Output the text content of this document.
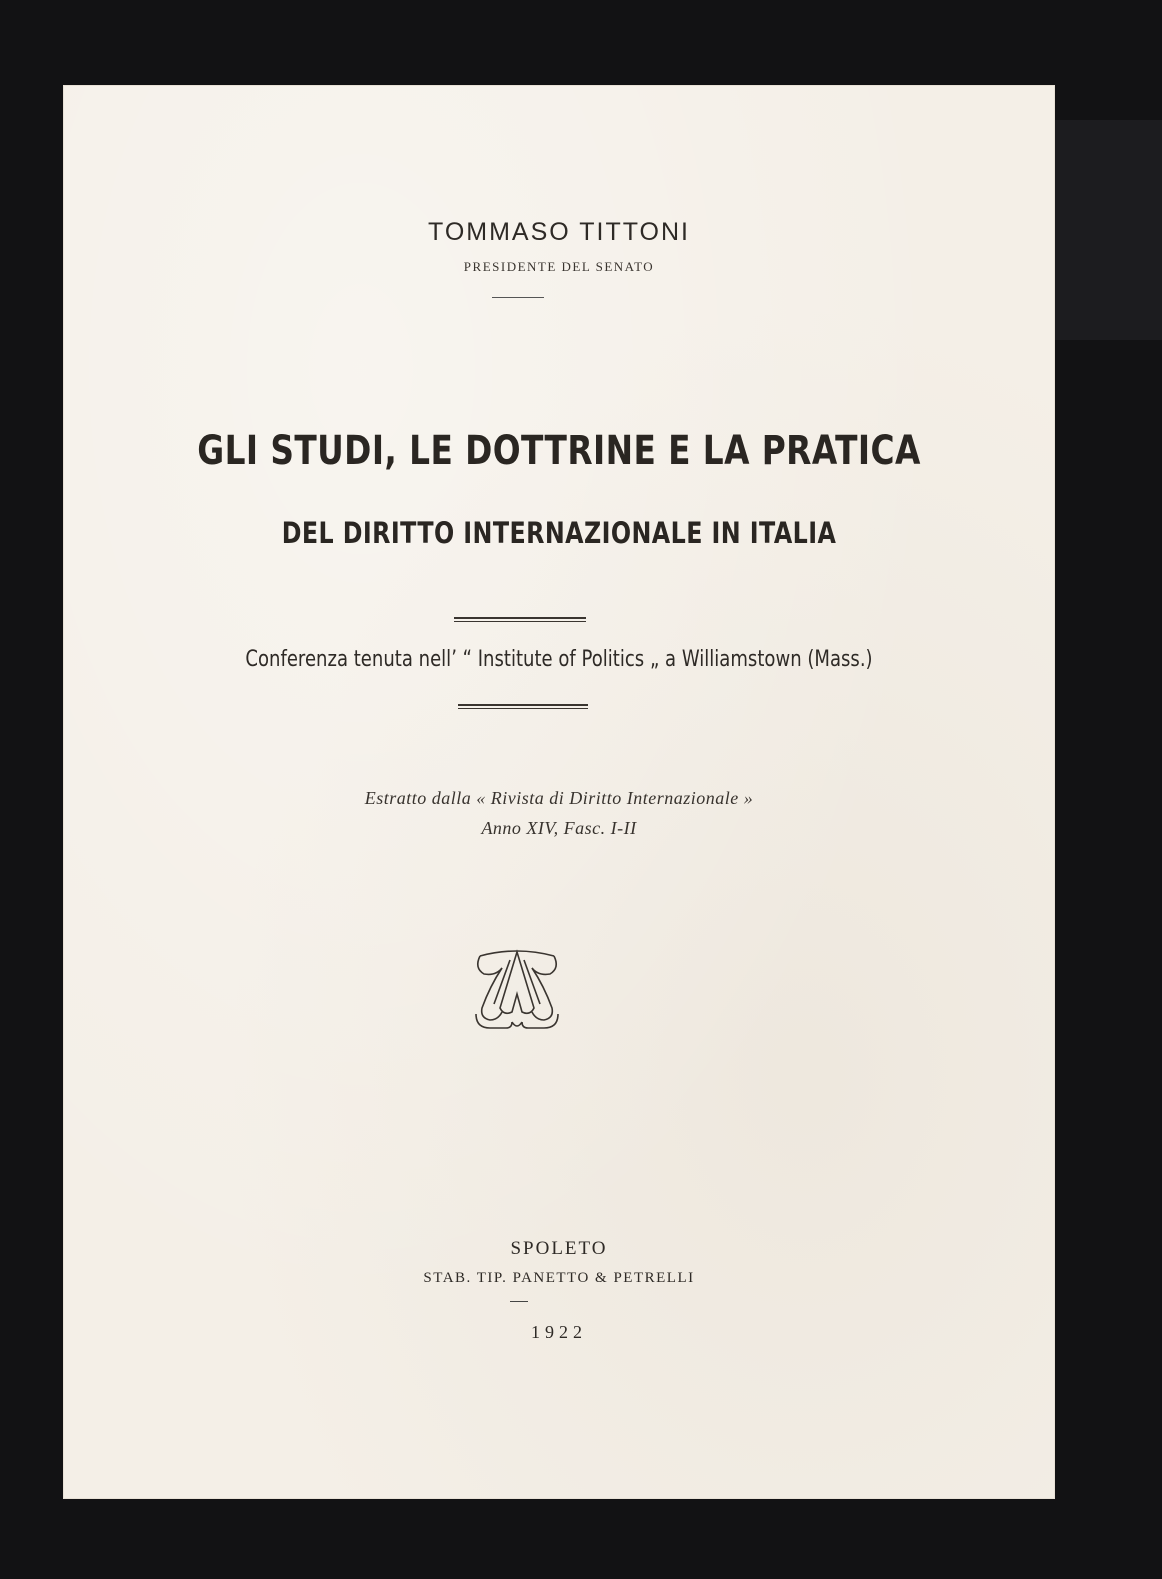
TOMMASO TITTONI
PRESIDENTE DEL SENATO
GLI STUDI, LE DOTTRINE E LA PRATICA
DEL DIRITTO INTERNAZIONALE IN ITALIA
Conferenza tenuta nell’ “ Institute of Politics „ a Williamstown (Mass.)
Estratto dalla « Rivista di Diritto Internazionale »
Anno XIV, Fasc. I-II
SPOLETO
STAB. TIP. PANETTO & PETRELLI
1922
